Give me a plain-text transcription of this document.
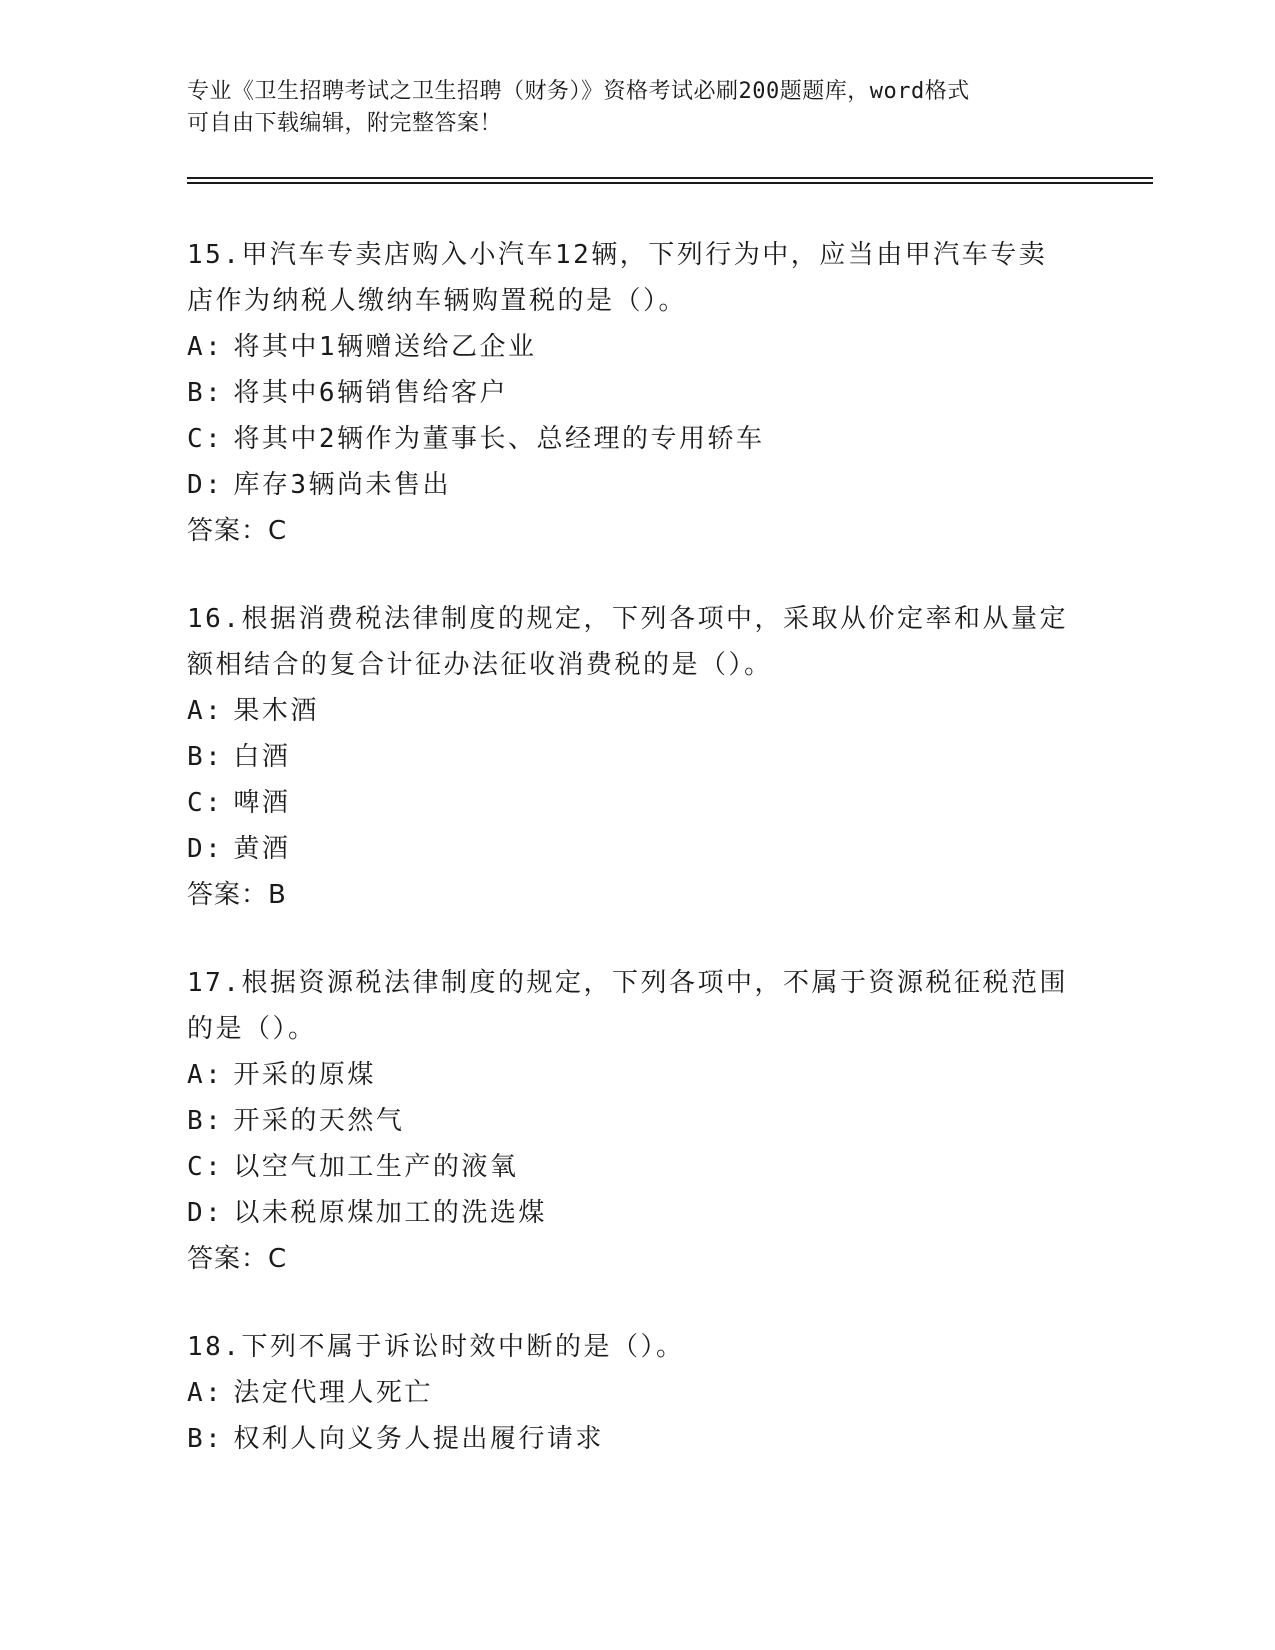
专业《卫生招聘考试之卫生招聘（财务）》资格考试必刷200题题库，word格式
可自由下载编辑，附完整答案！

15.甲汽车专卖店购入小汽车12辆，下列行为中，应当由甲汽车专卖

店作为纳税人缴纳车辆购置税的是（）。

A: 将其中1辆赠送给乙企业

B: 将其中6辆销售给客户

C: 将其中2辆作为董事长、总经理的专用轿车

D: 库存3辆尚未售出

答案：C

16.根据消费税法律制度的规定，下列各项中，采取从价定率和从量定

额相结合的复合计征办法征收消费税的是（）。

A: 果木酒

B: 白酒

C: 啤酒

D: 黄酒

答案：B

17.根据资源税法律制度的规定，下列各项中，不属于资源税征税范围

的是（）。

A: 开采的原煤

B: 开采的天然气

C: 以空气加工生产的液氧

D: 以未税原煤加工的洗选煤

答案：C

18.下列不属于诉讼时效中断的是（）。

A: 法定代理人死亡

B: 权利人向义务人提出履行请求
